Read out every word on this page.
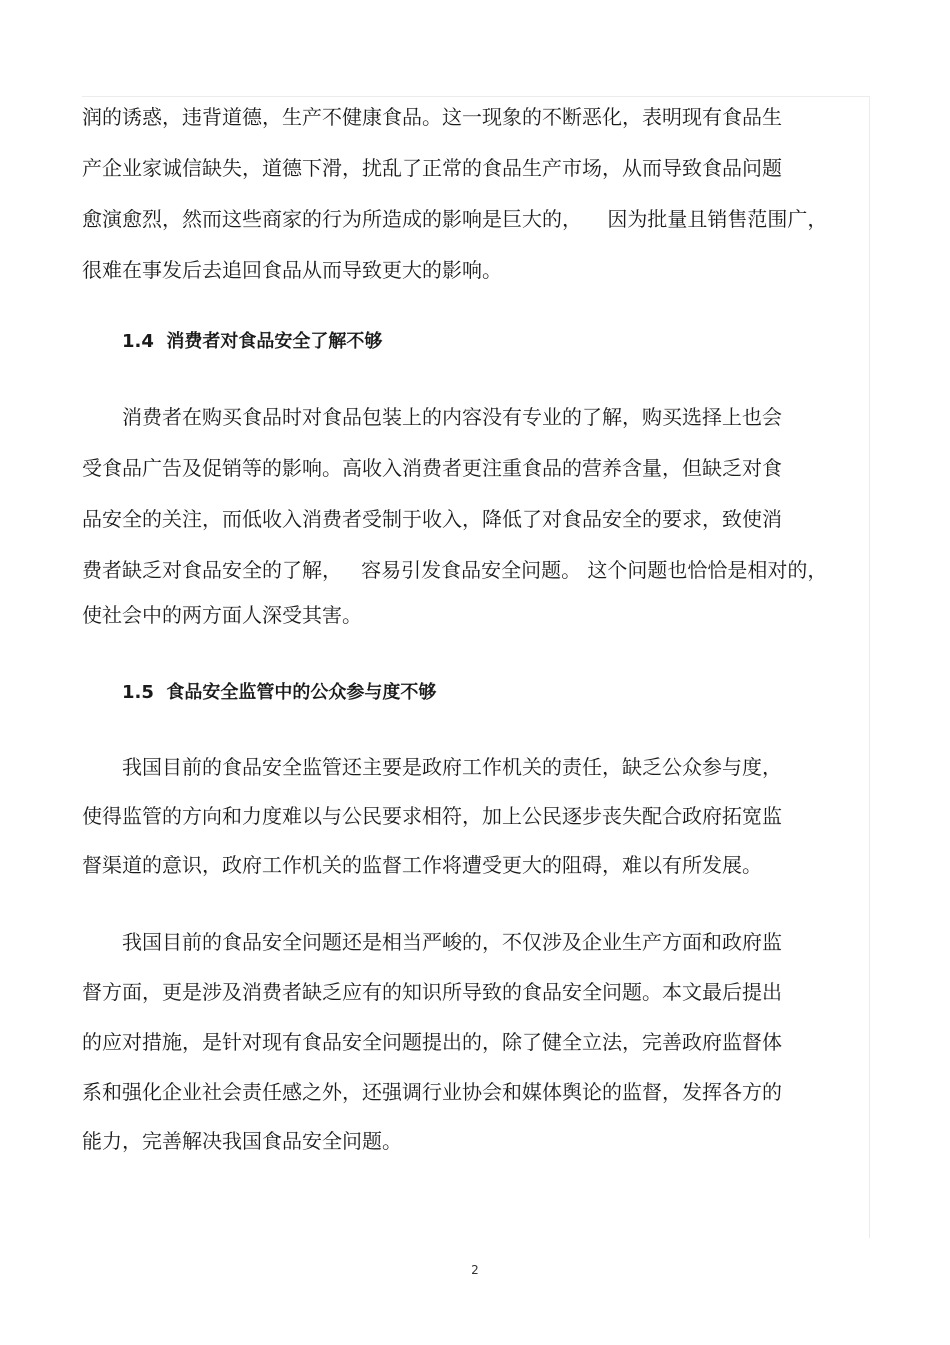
润的诱惑，违背道德，生产不健康食品。这一现象的不断恶化，表明现有食品生

产企业家诚信缺失，道德下滑，扰乱了正常的食品生产市场，从而导致食品问题

愈演愈烈，然而这些商家的行为所造成的影响是巨大的，    因为批量且销售范围广，

很难在事发后去追回食品从而导致更大的影响。

1.4  消费者对食品安全了解不够

消费者在购买食品时对食品包装上的内容没有专业的了解，购买选择上也会

受食品广告及促销等的影响。高收入消费者更注重食品的营养含量，但缺乏对食

品安全的关注，而低收入消费者受制于收入，降低了对食品安全的要求，致使消

费者缺乏对食品安全的了解，   容易引发食品安全问题。 这个问题也恰恰是相对的，

使社会中的两方面人深受其害。

1.5  食品安全监管中的公众参与度不够

我国目前的食品安全监管还主要是政府工作机关的责任，缺乏公众参与度，

使得监管的方向和力度难以与公民要求相符，加上公民逐步丧失配合政府拓宽监

督渠道的意识，政府工作机关的监督工作将遭受更大的阻碍，难以有所发展。

我国目前的食品安全问题还是相当严峻的，不仅涉及企业生产方面和政府监

督方面，更是涉及消费者缺乏应有的知识所导致的食品安全问题。本文最后提出

的应对措施，是针对现有食品安全问题提出的，除了健全立法，完善政府监督体

系和强化企业社会责任感之外，还强调行业协会和媒体舆论的监督，发挥各方的

能力，完善解决我国食品安全问题。

2
